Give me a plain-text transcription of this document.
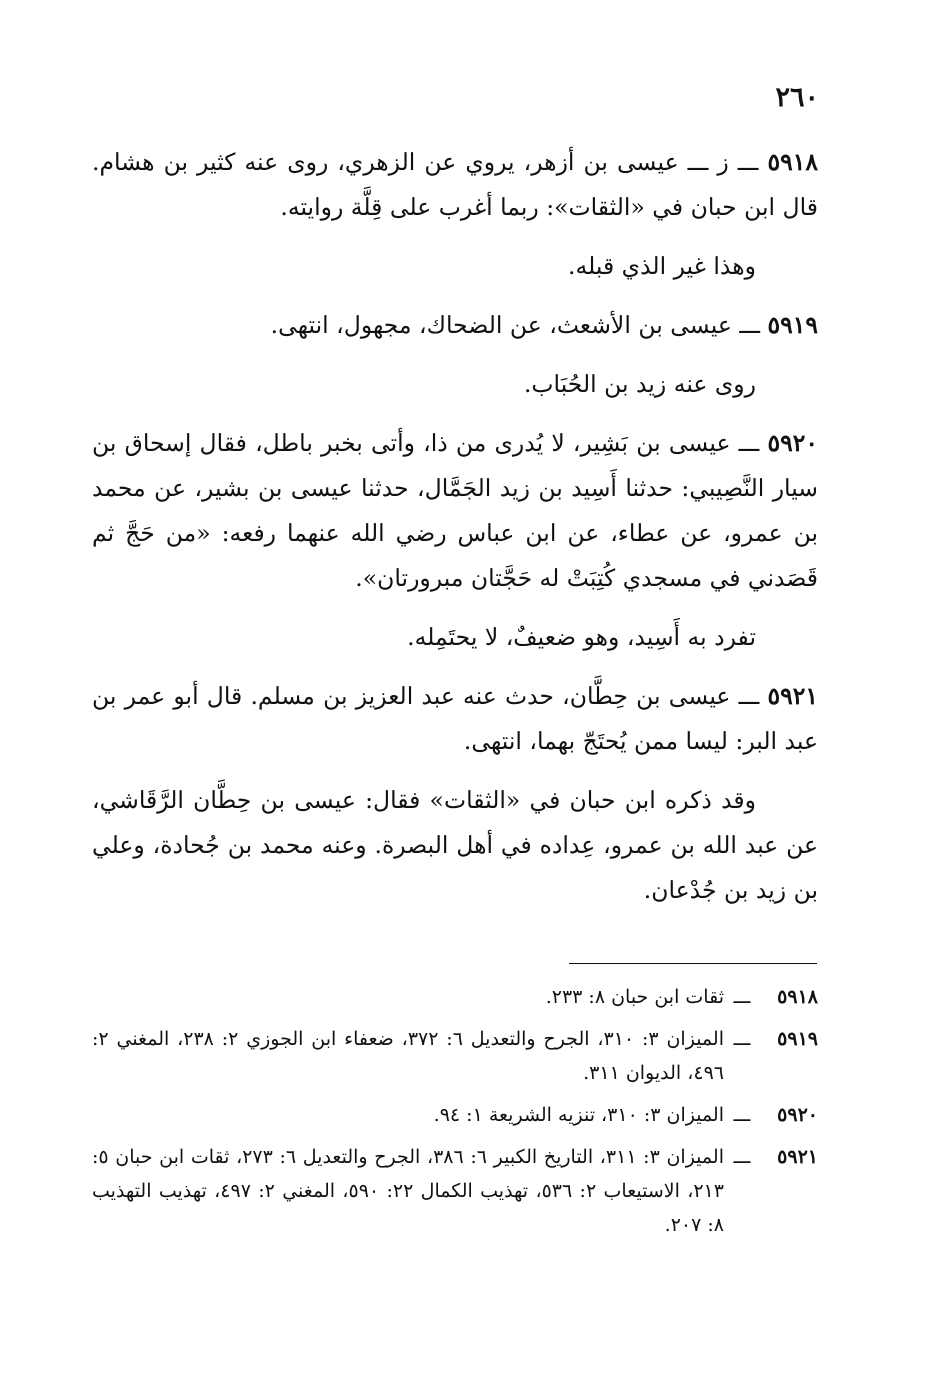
٢٦٠

٥٩١٨ ـــ ز ـــ عيسى بن أزهر، يروي عن الزهري، روى عنه كثير بن هشام. قال ابن حبان في «الثقات»: ربما أغرب على قِلَّة روايته.

وهذا غير الذي قبله.

٥٩١٩ ـــ عيسى بن الأشعث، عن الضحاك، مجهول، انتهى.

روى عنه زيد بن الحُبَاب.

٥٩٢٠ ـــ عيسى بن بَشِير، لا يُدرى من ذا، وأتى بخبر باطل، فقال إسحاق بن سيار النَّصِيبي: حدثنا أَسِيد بن زيد الجَمَّال، حدثنا عيسى بن بشير، عن محمد بن عمرو، عن عطاء، عن ابن عباس رضي الله عنهما رفعه: «من حَجَّ ثم قَصَدني في مسجدي كُتِبَتْ له حَجَّتان مبرورتان».

تفرد به أَسِيد، وهو ضعيفٌ، لا يحتَمِله.

٥٩٢١ ـــ عيسى بن حِطَّان، حدث عنه عبد العزيز بن مسلم. قال أبو عمر بن عبد البر: ليسا ممن يُحتَجّ بهما، انتهى.

وقد ذكره ابن حبان في «الثقات» فقال: عيسى بن حِطَّان الرَّقَاشي، عن عبد الله بن عمرو، عِداده في أهل البصرة. وعنه محمد بن جُحادة، وعلي بن زيد بن جُدْعان.

٥٩١٨
ـــ
ثقات ابن حبان ٨: ٢٣٣.
٥٩١٩
ـــ
الميزان ٣: ٣١٠، الجرح والتعديل ٦: ٣٧٢، ضعفاء ابن الجوزي ٢: ٢٣٨، المغني ٢: ٤٩٦، الديوان ٣١١.
٥٩٢٠
ـــ
الميزان ٣: ٣١٠، تنزيه الشريعة ١: ٩٤.
٥٩٢١
ـــ
الميزان ٣: ٣١١، التاريخ الكبير ٦: ٣٨٦، الجرح والتعديل ٦: ٢٧٣، ثقات ابن حبان ٥: ٢١٣، الاستيعاب ٢: ٥٣٦، تهذيب الكمال ٢٢: ٥٩٠، المغني ٢: ٤٩٧، تهذيب التهذيب ٨: ٢٠٧.
